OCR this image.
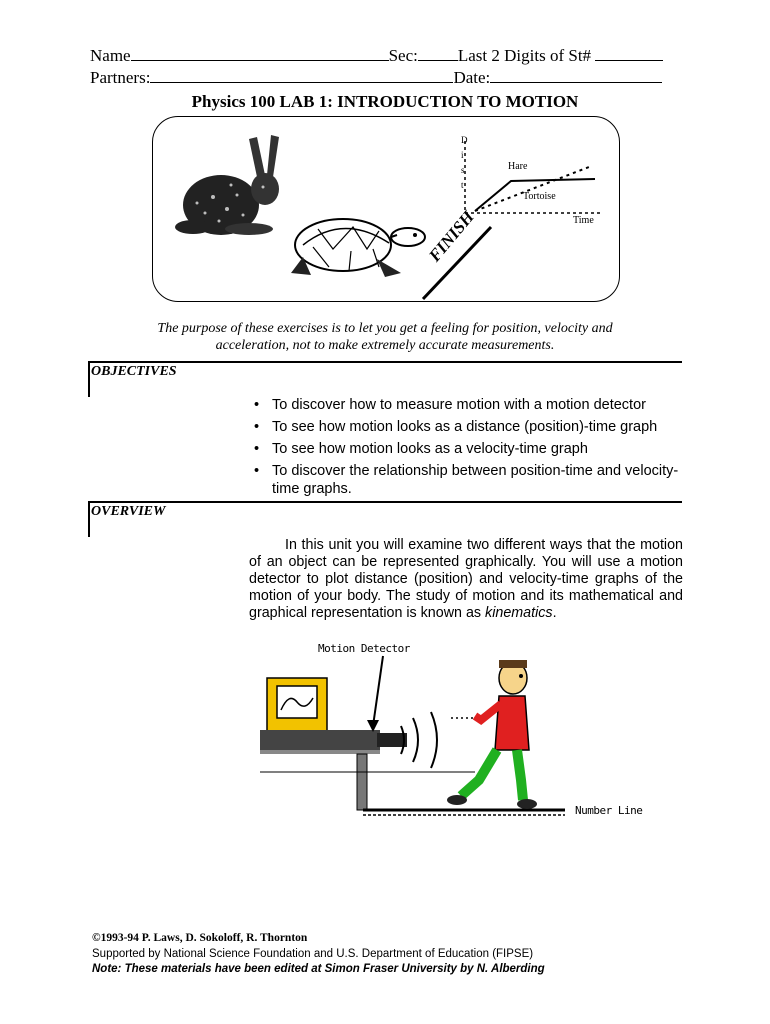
Name	Sec: Last 2 Digits of St#
Partners:	Date:
Physics 100 LAB 1: INTRODUCTION TO MOTION
D
i
s
t
Hare
Tortoise
Time
FINISH
The purpose of these exercises is to let you get a feeling for position, velocity and
acceleration, not to make extremely accurate measurements.
OBJECTIVES
• To discover how to measure motion with a motion detector
• To see how motion looks as a distance (position)-time graph
• To see how motion looks as a velocity-time graph
• To discover the relationship between position-time and velocity-time graphs.
OVERVIEW
In this unit you will examine two different ways that the motion of an object can be represented graphically. You will use a motion detector to plot distance (position) and velocity-time graphs of the motion of your body. The study of motion and its mathematical and graphical representation is known as kinematics.
Motion Detector
Number Line
©1993-94 P. Laws, D. Sokoloff, R. Thornton
Supported by National Science Foundation and U.S. Department of Education (FIPSE)
Note: These materials have been edited at Simon Fraser University by N. Alberding
